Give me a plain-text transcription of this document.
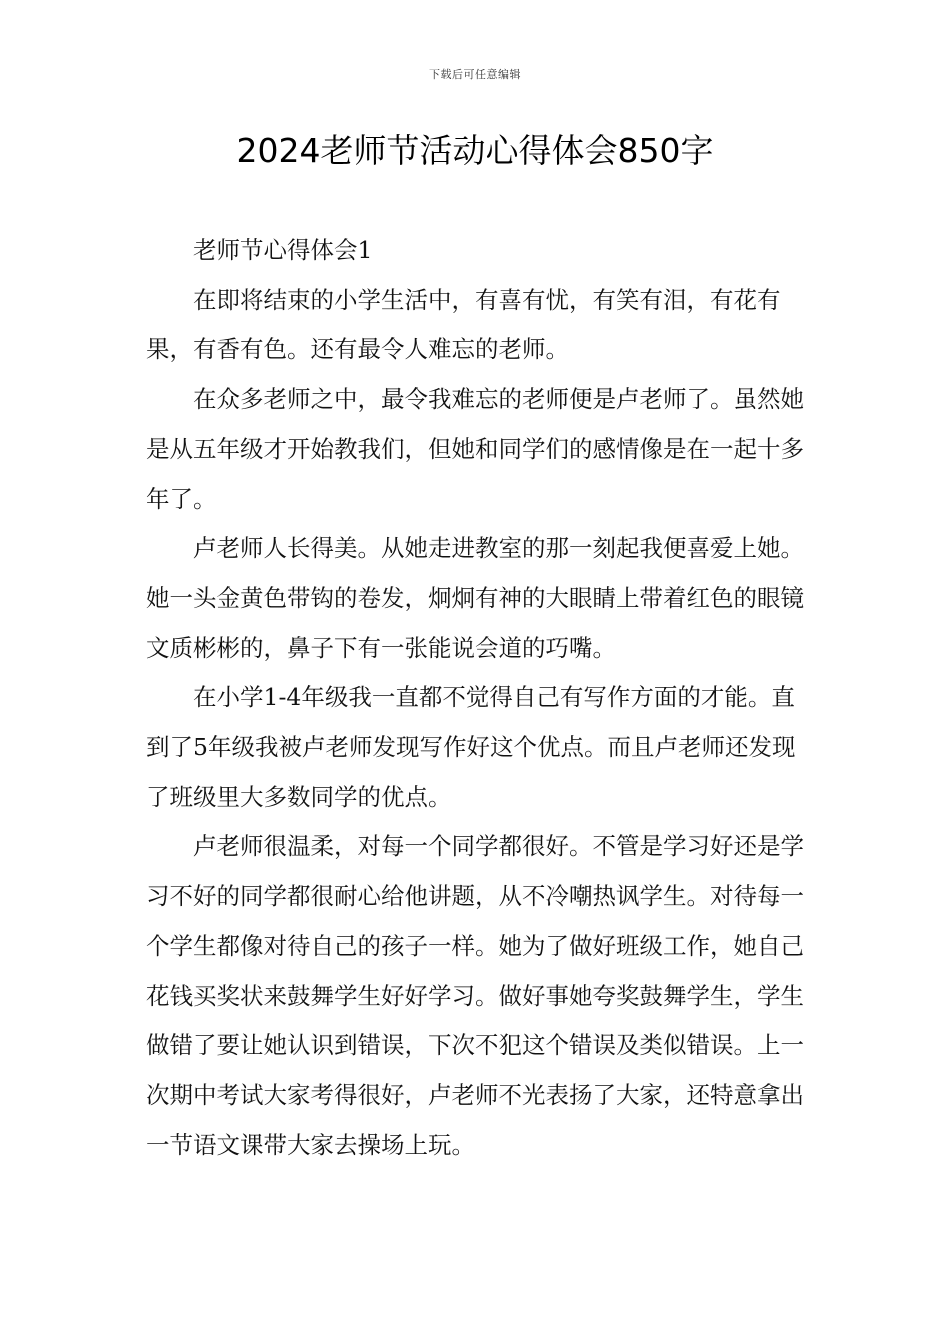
下载后可任意编辑
2024老师节活动心得体会850字

老师节心得体会1

在即将结束的小学生活中，有喜有忧，有笑有泪，有花有果，有香有色。还有最令人难忘的老师。

在众多老师之中，最令我难忘的老师便是卢老师了。虽然她是从五年级才开始教我们，但她和同学们的感情像是在一起十多年了。

卢老师人长得美。从她走进教室的那一刻起我便喜爱上她。她一头金黄色带钩的卷发，炯炯有神的大眼睛上带着红色的眼镜文质彬彬的，鼻子下有一张能说会道的巧嘴。

在小学1-4年级我一直都不觉得自己有写作方面的才能。直到了5年级我被卢老师发现写作好这个优点。而且卢老师还发现了班级里大多数同学的优点。

卢老师很温柔，对每一个同学都很好。不管是学习好还是学习不好的同学都很耐心给他讲题，从不冷嘲热讽学生。对待每一个学生都像对待自己的孩子一样。她为了做好班级工作，她自己花钱买奖状来鼓舞学生好好学习。做好事她夸奖鼓舞学生，学生做错了要让她认识到错误，下次不犯这个错误及类似错误。上一次期中考试大家考得很好，卢老师不光表扬了大家，还特意拿出一节语文课带大家去操场上玩。
